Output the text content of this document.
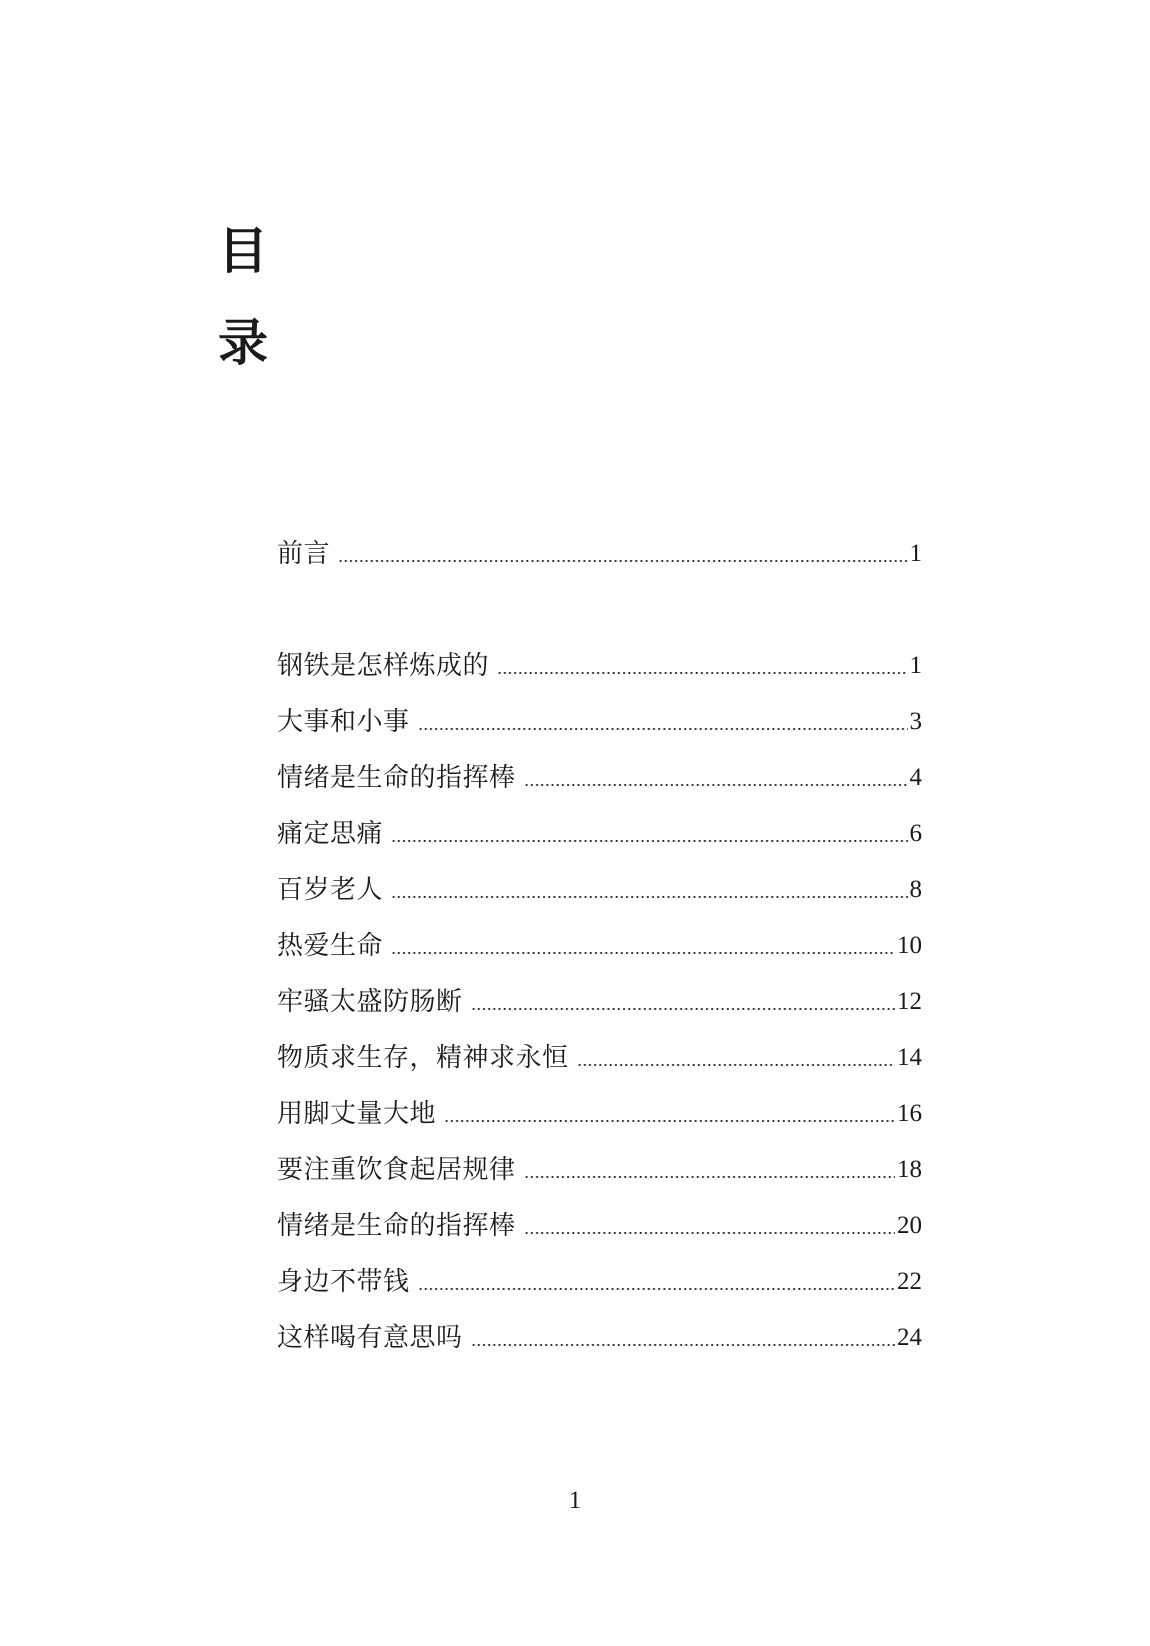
目
录
前言	1
钢铁是怎样炼成的	1
大事和小事	3
情绪是生命的指挥棒	4
痛定思痛	6
百岁老人	8
热爱生命	10
牢骚太盛防肠断	12
物质求生存，精神求永恒	14
用脚丈量大地	16
要注重饮食起居规律	18
情绪是生命的指挥棒	20
身边不带钱	22
这样喝有意思吗	24
1
